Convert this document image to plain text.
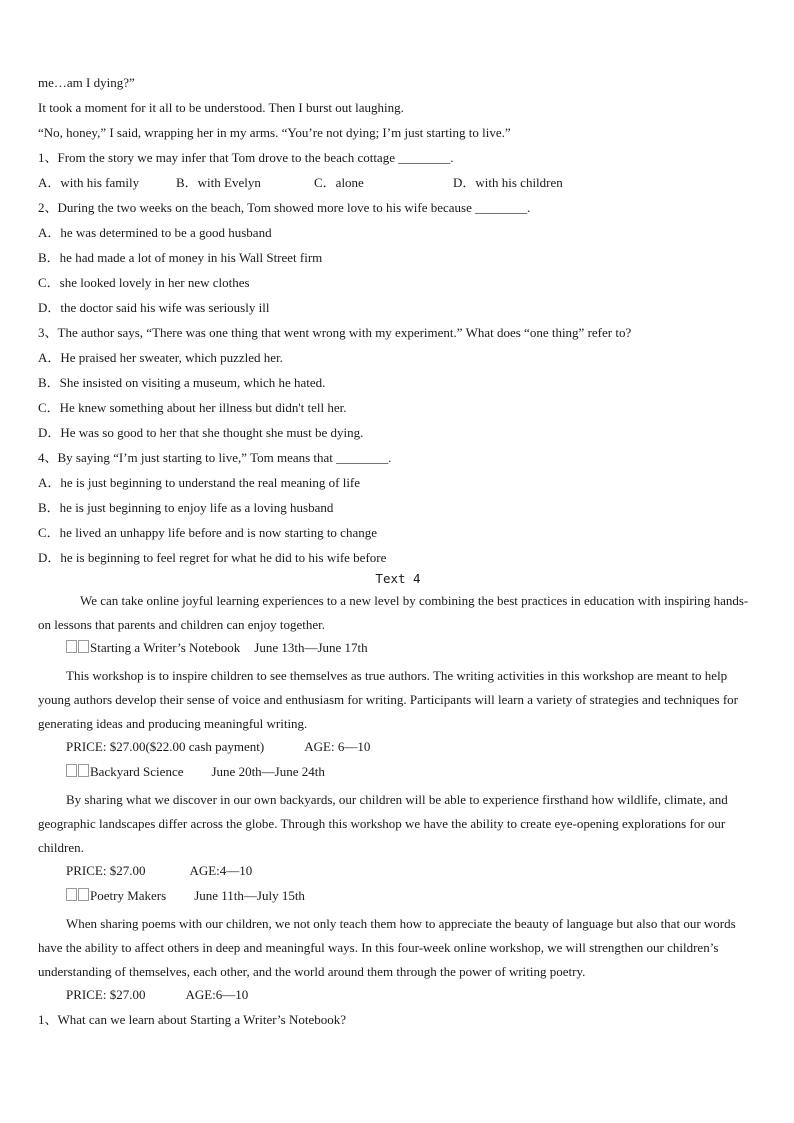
me…am I dying?”
It took a moment for it all to be understood. Then I burst out laughing.
“No, honey,” I said, wrapping her in my arms. “You’re not dying; I’m just starting to live.”
1、From the story we may infer that Tom drove to the beach cottage ________.
A．with his family	B．with Evelyn	C．alone	D．with his children
2、During the two weeks on the beach, Tom showed more love to his wife because ________.
A．he was determined to be a good husband
B．he had made a lot of money in his Wall Street firm
C．she looked lovely in her new clothes
D．the doctor said his wife was seriously ill
3、The author says, “There was one thing that went wrong with my experiment.” What does “one thing” refer to?
A．He praised her sweater, which puzzled her.
B．She insisted on visiting a museum, which he hated.
C．He knew something about her illness but didn't tell her.
D．He was so good to her that she thought she must be dying.
4、By saying “I’m just starting to live,” Tom means that ________.
A．he is just beginning to understand the real meaning of life
B．he is just beginning to enjoy life as a loving husband
C．he lived an unhappy life before and is now starting to change
D．he is beginning to feel regret for what he did to his wife before
Text 4

We can take online joyful learning experiences to a new level by combining the best practices in education with inspiring hands-on lessons that parents and children can enjoy together.

Starting a Writer’s Notebook June 13th—June 17th

This workshop is to inspire children to see themselves as true authors. The writing activities in this workshop are meant to help young authors develop their sense of voice and enthusiasm for writing. Participants will learn a variety of strategies and techniques for generating ideas and producing meaningful writing.

PRICE: $27.00($22.00 cash payment)	AGE: 6—10
Backyard Science June 20th—June 24th

By sharing what we discover in our own backyards, our children will be able to experience firsthand how wildlife, climate, and geographic landscapes differ across the globe. Through this workshop we have the ability to create eye-opening explorations for our children.

PRICE: $27.00	AGE:4—10
Poetry Makers June 11th—July 15th

When sharing poems with our children, we not only teach them how to appreciate the beauty of language but also that our words have the ability to affect others in deep and meaningful ways. In this four-week online workshop, we will strengthen our children’s understanding of themselves, each other, and the world around them through the power of writing poetry.

PRICE: $27.00	AGE:6—10
1、What can we learn about Starting a Writer’s Notebook?
